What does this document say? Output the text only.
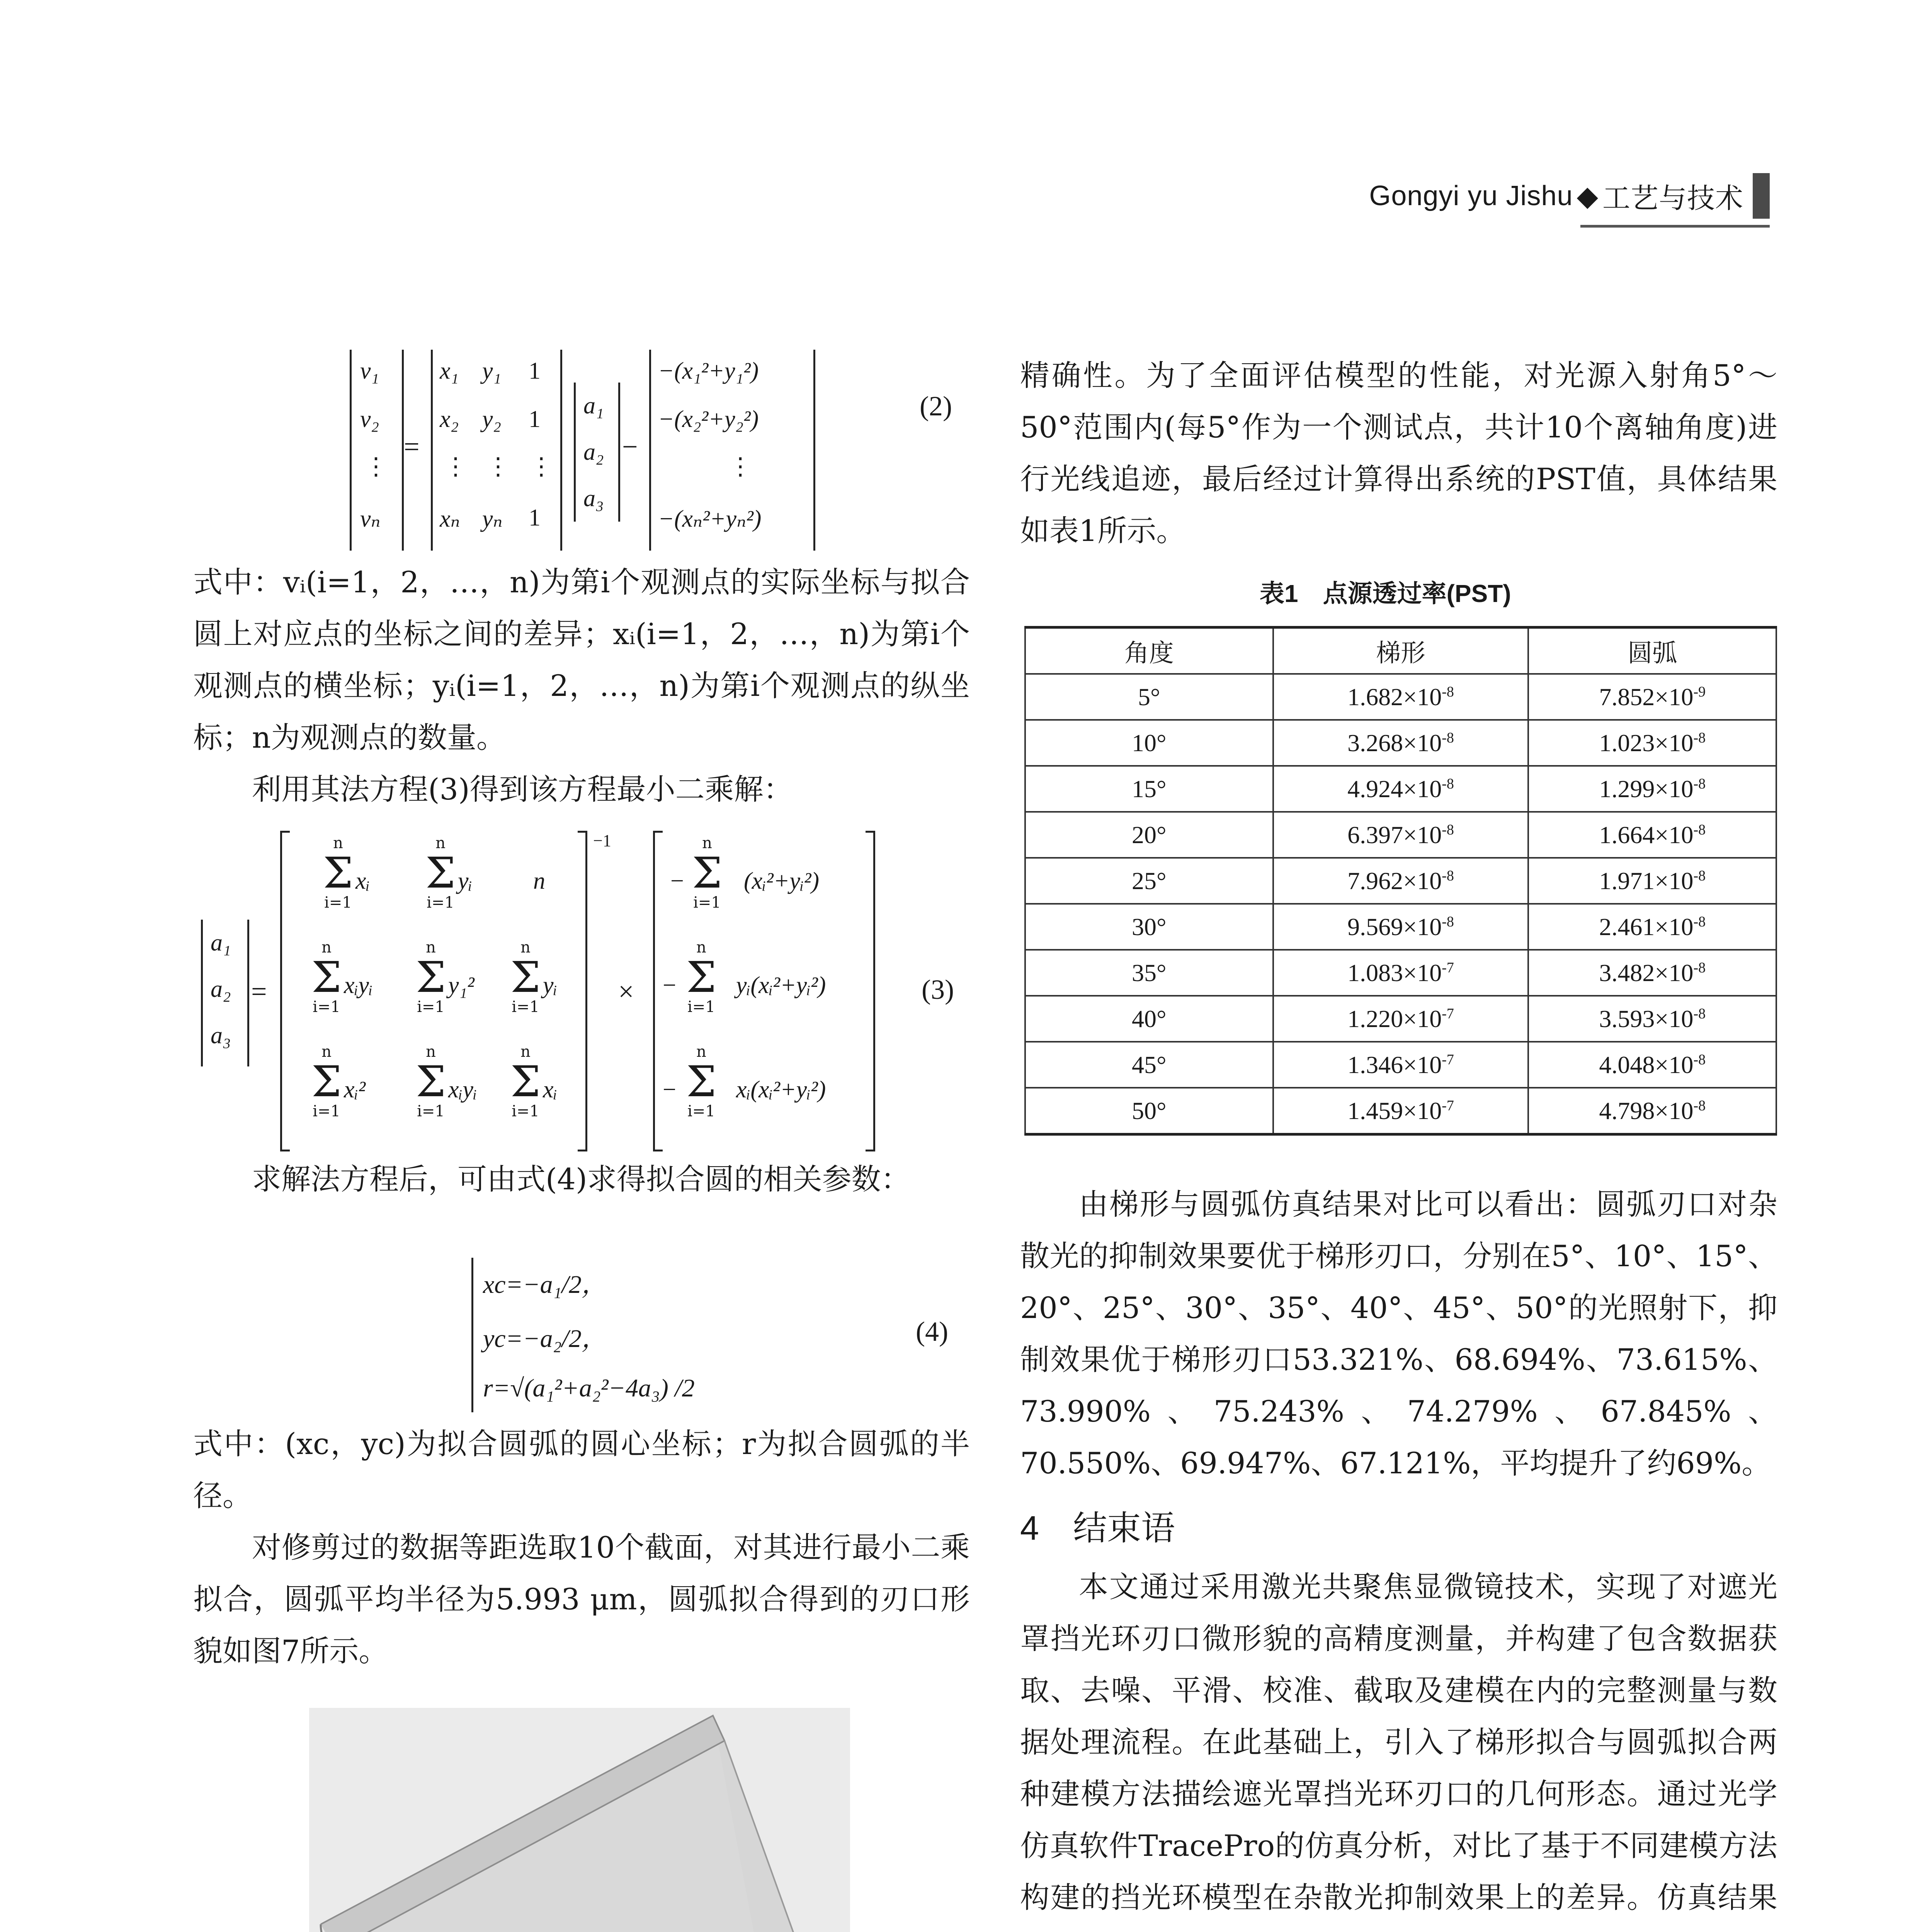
Gongyi yu Jishu ◆ 工艺与技术
v₁
v₂
⋮
vₙ
=
x₁ y₁ 1
x₂ y₂ 1
⋮ ⋮ ⋮
xₙ yₙ 1
a₁
a₂
a₃
−
−(x₁²+y₁²)
−(x₂²+y₂²)
⋮
−(xₙ²+yₙ²)
(2)

式中：vᵢ(i=1，2，…，n)为第i个观测点的实际坐标与拟合圆上对应点的坐标之间的差异；xᵢ(i=1，2，…，n)为第i个观测点的横坐标；yᵢ(i=1，2，…，n)为第i个观测点的纵坐标；n为观测点的数量。

利用其法方程(3)得到该方程最小二乘解：

a₁
a₂
a₃
=
−1
n
Σ
i=1
xᵢ
n
Σ
i=1
yᵢ	n
n
Σ
i=1
xᵢyᵢ
n
Σ
i=1
y₁²
n
Σ
i=1
yᵢ
n
Σ
i=1
xᵢ²
n
Σ
i=1
xᵢyᵢ
n
Σ
i=1
xᵢ
×
−
n
Σ
i=1
(xᵢ²+yᵢ²)
−
n
Σ
i=1
yᵢ(xᵢ²+yᵢ²)
−
n
Σ
i=1
xᵢ(xᵢ²+yᵢ²)
(3)

求解法方程后，可由式(4)求得拟合圆的相关参数：

xc=−a₁/2，
yc=−a₂/2，
r=√(a₁²+a₂²−4a₃) /2
(4)

式中：(xc，yc)为拟合圆弧的圆心坐标；r为拟合圆弧的半径。

对修剪过的数据等距选取10个截面，对其进行最小二乘拟合，圆弧平均半径为5.993 μm，圆弧拟合得到的刃口形貌如图7所示。

精确性。为了全面评估模型的性能，对光源入射角5°～50°范围内(每5°作为一个测试点，共计10个离轴角度)进行光线追迹，最后经过计算得出系统的PST值，具体结果如表1所示。

表1　点源透过率(PST)
角度	梯形	圆弧
5°	$1.682\times 10^{-8}$	$7.852\times 10^{-9}$
10°	$3.268\times 10^{-8}$	$1.023\times 10^{-8}$
15°	$4.924\times 10^{-8}$	$1.299\times 10^{-8}$
20°	$6.397\times 10^{-8}$	$1.664\times 10^{-8}$
25°	$7.962\times 10^{-8}$	$1.971\times 10^{-8}$
30°	$9.569\times 10^{-8}$	$2.461\times 10^{-8}$
35°	$1.083\times 10^{-7}$	$3.482\times 10^{-8}$
40°	$1.220\times 10^{-7}$	$3.593\times 10^{-8}$
45°	$1.346\times 10^{-7}$	$4.048\times 10^{-8}$
50°	$1.459\times 10^{-7}$	$4.798\times 10^{-8}$

由梯形与圆弧仿真结果对比可以看出：圆弧刃口对杂散光的抑制效果要优于梯形刃口，分别在5°、10°、15°、20°、25°、30°、35°、40°、45°、50°的光照射下，抑制效果优于梯形刃口53.321%、68.694%、73.615%、73.990%、75.243%、74.279%、67.845%、70.550%、69.947%、67.121%，平均提升了约69%。

4　结束语

本文通过采用激光共聚焦显微镜技术，实现了对遮光罩挡光环刃口微形貌的高精度测量，并构建了包含数据获取、去噪、平滑、校准、截取及建模在内的完整测量与数据处理流程。在此基础上，引入了梯形拟合与圆弧拟合两种建模方法描绘遮光罩挡光环刃口的几何形态。通过光学仿真软件TracePro的仿真分析，对比了基于不同建模方法构建的挡光环模型在杂散光抑制效果上的差异。仿真结果
